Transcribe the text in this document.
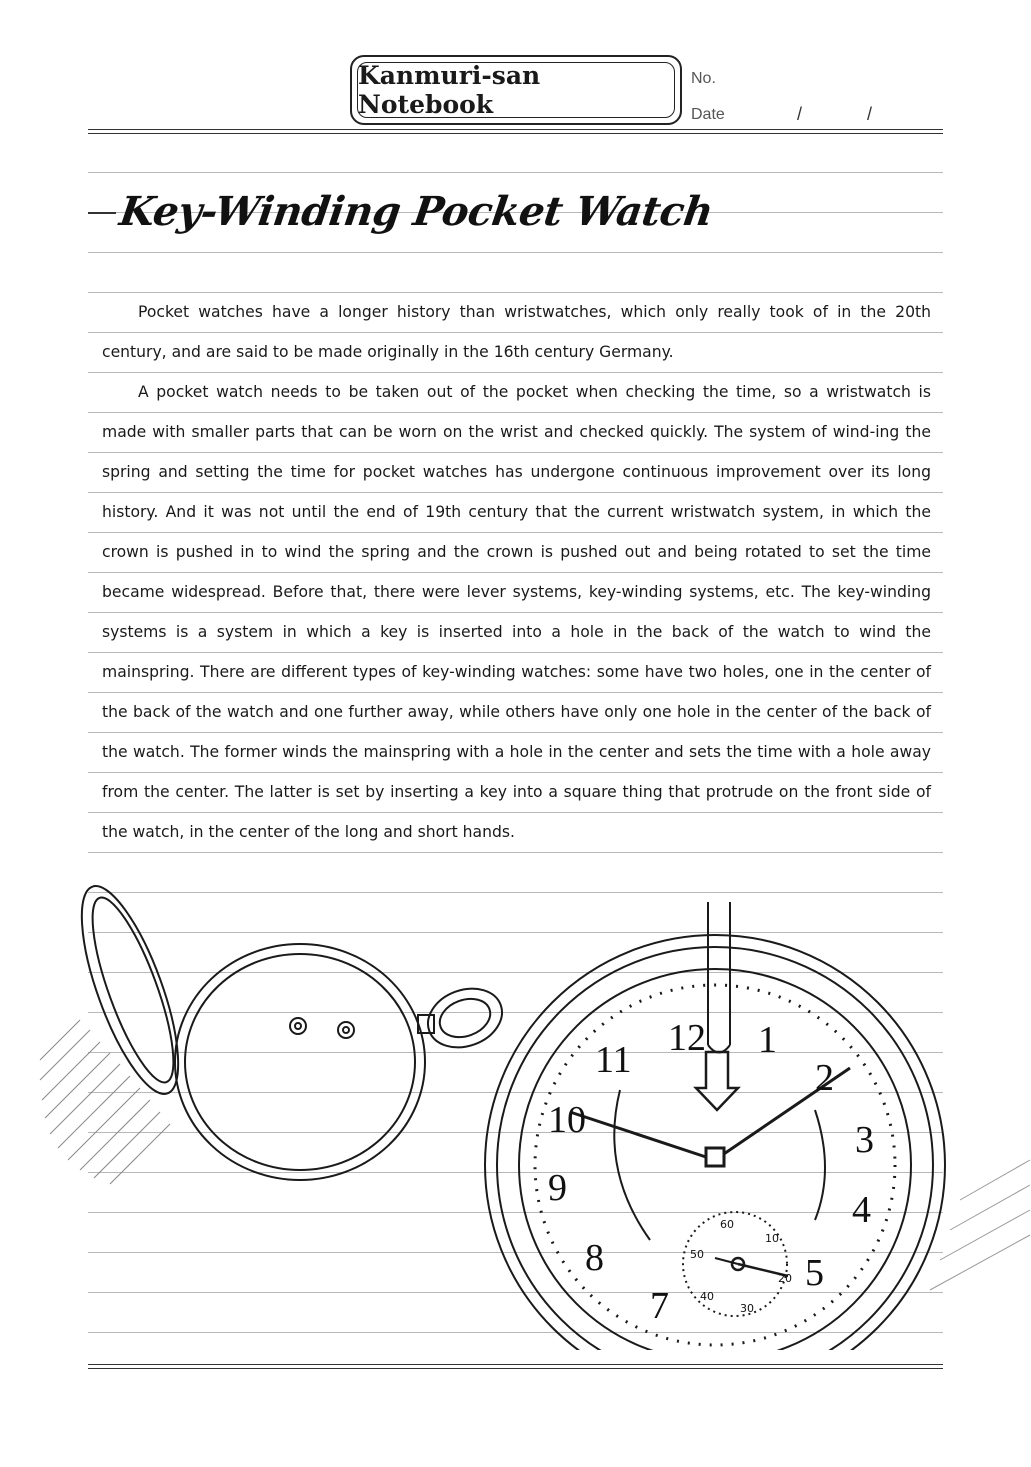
Kanmuri-san Notebook
No.
Date	/	/
Key-Winding Pocket Watch

Pocket watches have a longer history than wristwatches, which only really took of in the 20th century, and are said to be made originally in the 16th century Germany.

A pocket watch needs to be taken out of the pocket when checking the time, so a wristwatch is made with smaller parts that can be worn on the wrist and checked quickly. The system of wind-ing the spring and setting the time for pocket watches has undergone continuous improvement over its long history. And it was not until the end of 19th century that the current wristwatch system, in which the crown is pushed in to wind the spring and the crown is pushed out and being rotated to set the time became widespread. Before that, there were lever systems, key-winding systems, etc. The key-winding systems is a system in which a key is inserted into a hole in the back of the watch to wind the mainspring. There are different types of key-winding watches: some have two holes, one in the center of the back of the watch and one further away, while others have only one hole in the center of the back of the watch. The former winds the mainspring with a hole in the center and sets the time with a hole away from the center. The latter is set by inserting a key into a square thing that protrude on the front side of the watch, in the center of the long and short hands.

12 1
2
3
4
5
7
8
9
10
11
60
10
20
30
40
50
